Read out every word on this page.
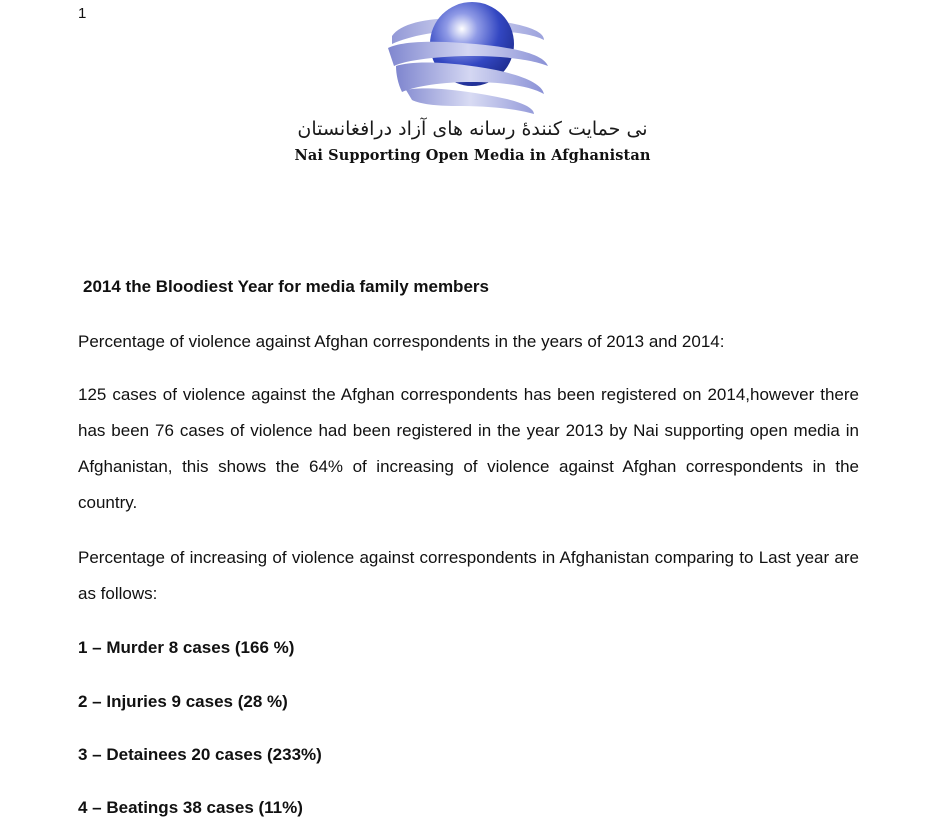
1
نی حمایت کنندهٔ رسانه های آزاد درافغانستان
Nai Supporting Open Media in Afghanistan
2014 the Bloodiest Year for media family members

Percentage of violence against Afghan correspondents in the years of 2013 and 2014:

125 cases of violence against the Afghan correspondents has been registered on 2014,however there has been 76 cases of violence had been registered in the year 2013 by Nai supporting open media in Afghanistan, this shows the 64% of increasing of violence against Afghan correspondents in the country.

Percentage of increasing of violence against correspondents in Afghanistan comparing to Last year are as follows:

1 – Murder 8 cases (166 %)
2 – Injuries 9 cases (28 %)
3 – Detainees 20 cases (233%)
4 – Beatings 38 cases (11%)
